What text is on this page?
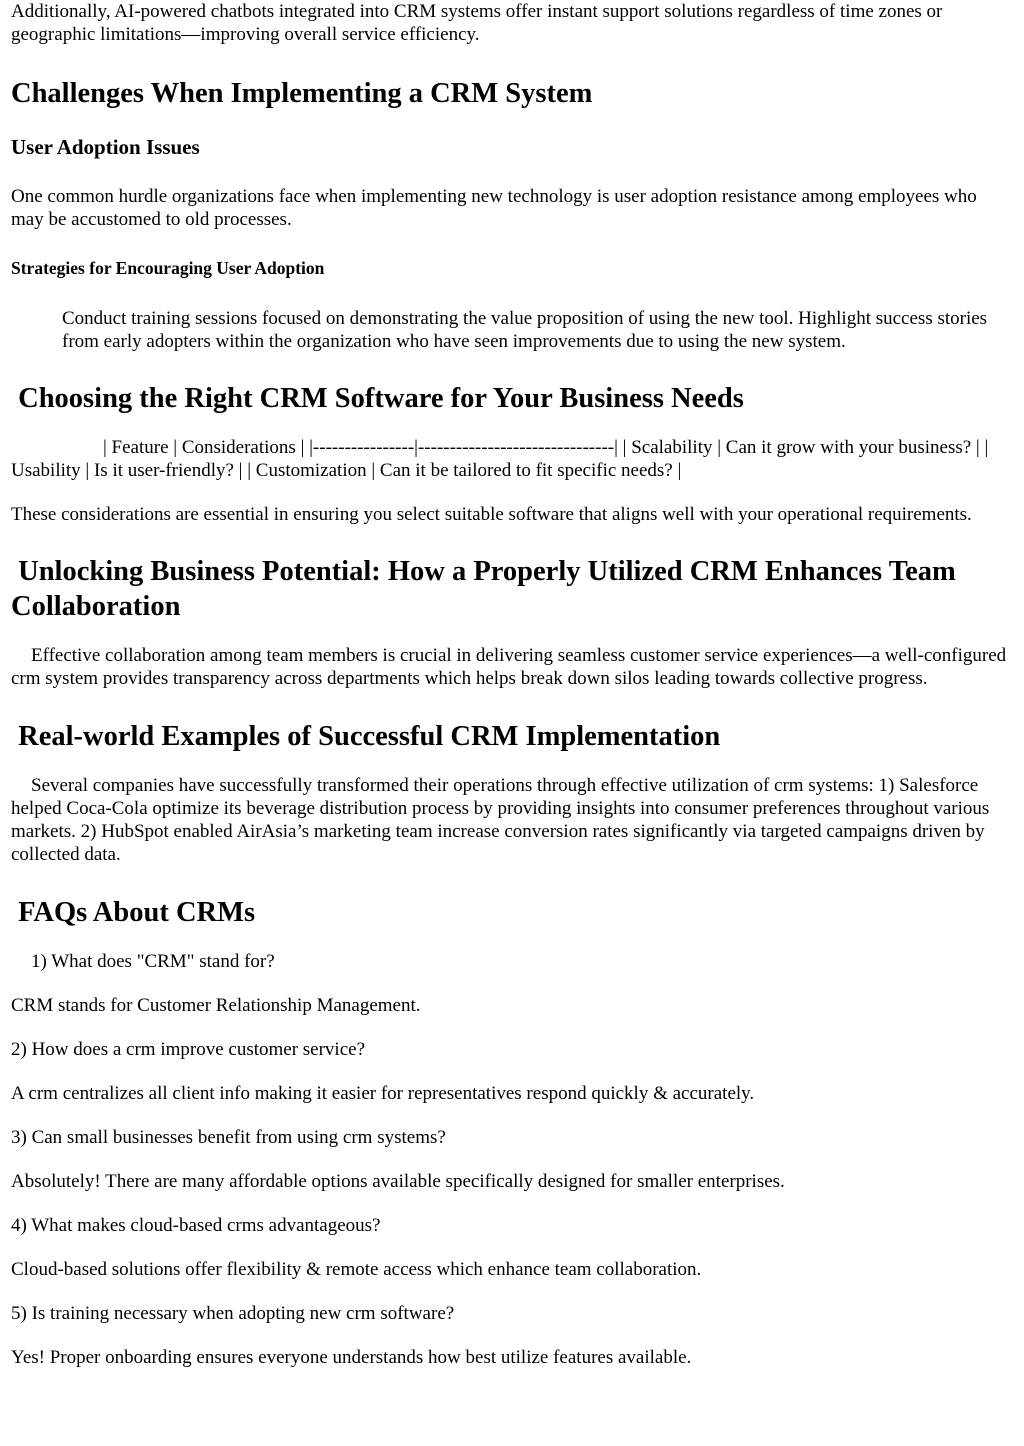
Additionally, AI-powered chatbots integrated into CRM systems offer instant support solutions regardless of time zones or geographic limitations—improving overall service efficiency.

Challenges When Implementing a CRM System
User Adoption Issues

One common hurdle organizations face when implementing new technology is user adoption resistance among employees who may be accustomed to old processes.

Strategies for Encouraging User Adoption

Conduct training sessions focused on demonstrating the value proposition of using the new tool. Highlight success stories from early adopters within the organization who have seen improvements due to using the new system.

Choosing the Right CRM Software for Your Business Needs

| Feature | Considerations | |----------------|-------------------------------| | Scalability | Can it grow with your business? | | Usability | Is it user-friendly? | | Customization | Can it be tailored to fit specific needs? |

These considerations are essential in ensuring you select suitable software that aligns well with your operational requirements.

Unlocking Business Potential: How a Properly Utilized CRM Enhances Team Collaboration

Effective collaboration among team members is crucial in delivering seamless customer service experiences—a well-configured crm system provides transparency across departments which helps break down silos leading towards collective progress.

Real-world Examples of Successful CRM Implementation

Several companies have successfully transformed their operations through effective utilization of crm systems: 1) Salesforce helped Coca-Cola optimize its beverage distribution process by providing insights into consumer preferences throughout various markets. 2) HubSpot enabled AirAsia’s marketing team increase conversion rates significantly via targeted campaigns driven by collected data.

FAQs About CRMs

1) What does "CRM" stand for?

CRM stands for Customer Relationship Management.

2) How does a crm improve customer service?

A crm centralizes all client info making it easier for representatives respond quickly & accurately.

3) Can small businesses benefit from using crm systems?

Absolutely! There are many affordable options available specifically designed for smaller enterprises.

4) What makes cloud-based crms advantageous?

Cloud-based solutions offer flexibility & remote access which enhance team collaboration.

5) Is training necessary when adopting new crm software?

Yes! Proper onboarding ensures everyone understands how best utilize features available.
